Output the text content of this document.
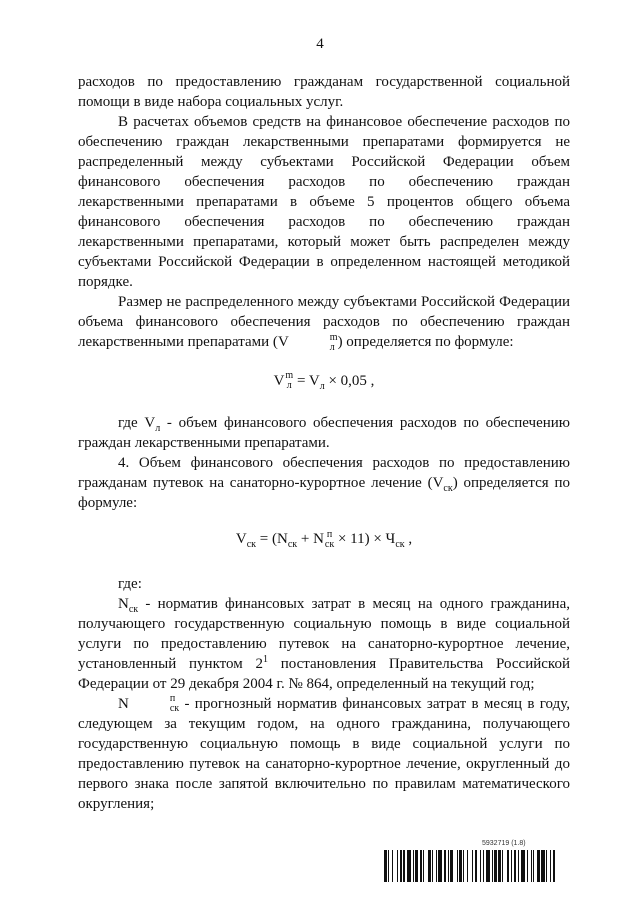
4

расходов по предоставлению гражданам государственной социальной помощи в виде набора социальных услуг.

В расчетах объемов средств на финансовое обеспечение расходов по обеспечению граждан лекарственными препаратами формируется не распределенный между субъектами Российской Федерации объем финансового обеспечения расходов по обеспечению граждан лекарственными препаратами в объеме 5 процентов общего объема финансового обеспечения расходов по обеспечению граждан лекарственными препаратами, который может быть распределен между субъектами Российской Федерации в определенном настоящей методикой порядке.

Размер не распределенного между субъектами Российской Федерации объема финансового обеспечения расходов по обеспечению граждан лекарственными препаратами (V	m
л ) определяется по формуле:

V m
$л = V_л \times 0,05$ ,

где $V_л$ - объем финансового обеспечения расходов по обеспечению граждан лекарственными препаратами.

4. Объем финансового обеспечения расходов по предоставлению гражданам путевок на санаторно-курортное лечение $(V_{ск})$ определяется по формуле:

$V_{ск} = (N_{ск} + N$ п
ск × $11) \times Ч_{ск}$ ,

где:

$N_{ск}$ - норматив финансовых затрат в месяц на одного гражданина, получающего государственную социальную помощь в виде социальной услуги по предоставлению путевок на санаторно-курортное лечение, установленный пунктом $2^1$ постановления Правительства Российской Федерации от 29 декабря 2004 г. № 864, определенный на текущий год;

N	п
ск - прогнозный норматив финансовых затрат в месяц в году, следующем за текущим годом, на одного гражданина, получающего государственную социальную помощь в виде социальной услуги по предоставлению путевок на санаторно-курортное лечение, округленный до первого знака после запятой включительно по правилам математического округления;

5932719 (1.8)
